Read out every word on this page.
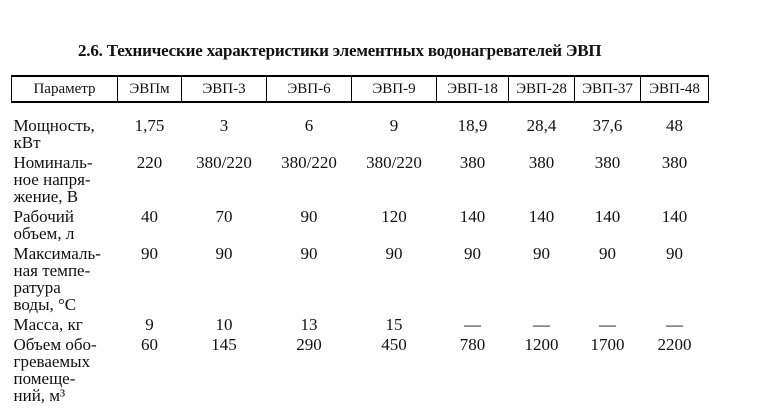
2.6. Технические характеристики элементных водонагревателей ЭВП
Параметр	ЭВПм	ЭВП-3	ЭВП-6	ЭВП-9	ЭВП-18	ЭВП-28	ЭВП-37	ЭВП-48

Мощность,
кВт	1,75	3	6	9	18,9	28,4	37,6	48

Номиналь-
ное напря-
жение, В	220	380/220	380/220	380/220	380	380	380	380

Рабочий
объем, л	40	70	90	120	140	140	140	140

Максималь-
ная темпе-
ратура
воды, °С	90	90	90	90	90	90	90	90

Масса, кг	9	10	13	15	—	—	—	—

Объем обо-
греваемых
помеще-
ний, м³	60	145	290	450	780	1200	1700	2200
